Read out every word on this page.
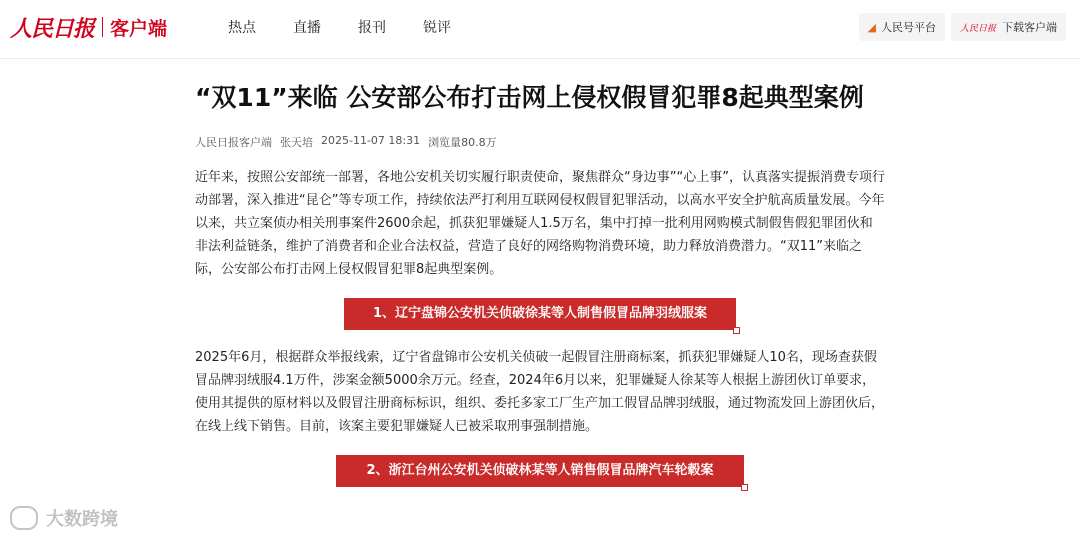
人民日报 客户端	热点	直播	报刊	锐评	◢ 人民号平台	人民日报 下载客户端
“双11”来临 公安部公布打击网上侵权假冒犯罪8起典型案例
人民日报客户端 张天培 2025-11-07 18:31 浏览量80.8万
近年来，按照公安部统一部署，各地公安机关切实履行职责使命，聚焦群众“身边事”“心上事”，认真落实提振消费专项行动部署，深入推进“昆仑”等专项工作，持续依法严打利用互联网侵权假冒犯罪活动，以高水平安全护航高质量发展。今年以来，共立案侦办相关刑事案件2600余起，抓获犯罪嫌疑人1.5万名，集中打掉一批利用网购模式制假售假犯罪团伙和非法利益链条，维护了消费者和企业合法权益，营造了良好的网络购物消费环境，助力释放消费潜力。“双11”来临之际，公安部公布打击网上侵权假冒犯罪8起典型案例。
1、辽宁盘锦公安机关侦破徐某等人制售假冒品牌羽绒服案
2025年6月，根据群众举报线索，辽宁省盘锦市公安机关侦破一起假冒注册商标案，抓获犯罪嫌疑人10名，现场查获假冒品牌羽绒服4.1万件，涉案金额5000余万元。经查，2024年6月以来，犯罪嫌疑人徐某等人根据上游团伙订单要求，使用其提供的原材料以及假冒注册商标标识，组织、委托多家工厂生产加工假冒品牌羽绒服，通过物流发回上游团伙后，在线上线下销售。目前，该案主要犯罪嫌疑人已被采取刑事强制措施。
2、浙江台州公安机关侦破林某等人销售假冒品牌汽车轮毂案
大数跨境
